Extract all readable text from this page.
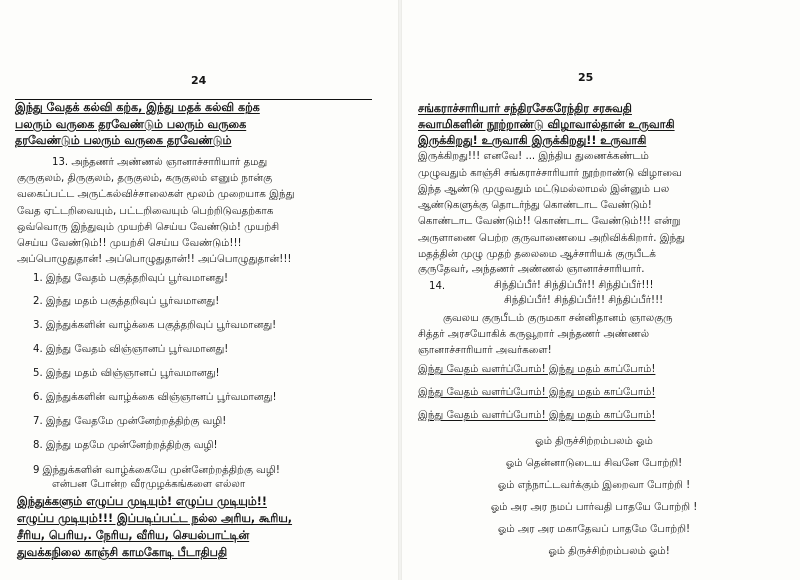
24
இந்து வேதக் கல்வி கற்க, இந்து மதக் கல்வி கற்க
பலரும் வருகை தரவேண்டும் பலரும் வருகை
தரவேண்டும் பலரும் வருகை தரவேண்டும்
13. அந்தணர் அண்ணல் ஞானாச்சாரியார் தமது
குருகுலம், திருகுலம், தருகுலம், கருகுலம் எனும் நான்கு
வகைப்பட்ட அருட்கல்விச்சாலைகள் மூலம் முறையாக இந்து
வேத ஏட்டறிவையும், பட்டறிவையும் பெற்றிடுவதற்காக
ஒவ்வொரு இந்துவும் முயற்சி செய்ய வேண்டும்! முயற்சி
செய்ய வேண்டும்!! முயற்சி செய்ய வேண்டும்!!!
அப்பொழுதுதான்! அப்பொழுதுதான்!! அப்பொழுதுதான்!!!
1. இந்து வேதம் பகுத்தறிவுப் பூர்வமானது!
2. இந்து மதம் பகுத்தறிவுப் பூர்வமானது!
3. இந்துக்களின் வாழ்க்கை பகுத்தறிவுப் பூர்வமானது!
4. இந்து வேதம் விஞ்ஞானப் பூர்வமானது!
5. இந்து மதம் விஞ்ஞானப் பூர்வமானது!
6. இந்துக்களின் வாழ்க்கை விஞ்ஞானப் பூர்வமானது!
7. இந்து வேதமே முன்னேற்றத்திற்கு வழி!
8. இந்து மதமே முன்னேற்றத்திற்கு வழி!
9 இந்துக்களின் வாழ்க்கையே முன்னேற்றத்திற்கு வழி!
என்பன போன்ற வீரமுழக்கங்களை எல்லா
இந்துக்களும் எழுப்ப முடியும்! எழுப்ப முடியும்!!
எழுப்ப முடியும்!!! இப்படிப்பட்ட நல்ல அரிய, கூரிய,
சீரிய, பெரிய,. நேரிய, வீரிய, செயல்பாட்டின்
துவக்கநிலை காஞ்சி காமகோடி பீடாதிபதி
25
சங்கராச்சாரியார் சந்திரசேகரேந்திர சரசுவதி
சுவாமிகளின் நூற்றாண்டு விழாவால்தான் உருவாகி
இருக்கிறது! உருவாகி இருக்கிறது!! உருவாகி
இருக்கிறது!!! எனவே! ... இந்திய துணைக்கண்டம்
முழுவதும் காஞ்சி சங்கராச்சாரியார் நூற்றாண்டு விழாவை
இந்த ஆண்டு முழுவதும் மட்டுமல்லாமல் இன்னும் பல
ஆண்டுகளுக்கு தொடர்ந்து கொண்டாட வேண்டும்!
கொண்டாட வேண்டும்!! கொண்டாட வேண்டும்!!! என்று
அருளாணை பெற்ற குருவாணையை அறிவிக்கிறார். இந்து
மதத்தின் முழு முதற் தலைமை ஆச்சாரியக் குருபீடக்
குருதேவர், அந்தணர் அண்ணல் ஞானாச்சாரியார்.
14.	சிந்திப்பீர்! சிந்திப்பீர்!! சிந்திப்பீர்!!!
சிந்திப்பீர்! சிந்திப்பீர்!! சிந்திப்பீர்!!!
குவலய குருபீடம் குருமகா சன்னிதானம் ஞாலகுரு
சித்தர் அரசயோகிக் கருவூறார் அந்தணர் அண்ணல்
ஞானாச்சாரியார் அவர்களை!
இந்து வேதம் வளர்ப்போம்! இந்து மதம் காப்போம்!
இந்து வேதம் வளர்ப்போம்! இந்து மதம் காப்போம்!
இந்து வேதம் வளர்ப்போம்! இந்து மதம் காப்போம்!
ஓம் திருச்சிற்றம்பலம் ஓம்
ஓம் தென்னாடுடைய சிவனே போற்றி!
ஓம் எந்நாட்டவர்க்கும் இறைவா போற்றி !
ஓம் அர அர நமப் பார்வதி பாதயே போற்றி !
ஓம் அர அர மகாதேவப் பாதமே போற்றி!
ஓம் திருச்சிற்றம்பலம் ஓம்!
